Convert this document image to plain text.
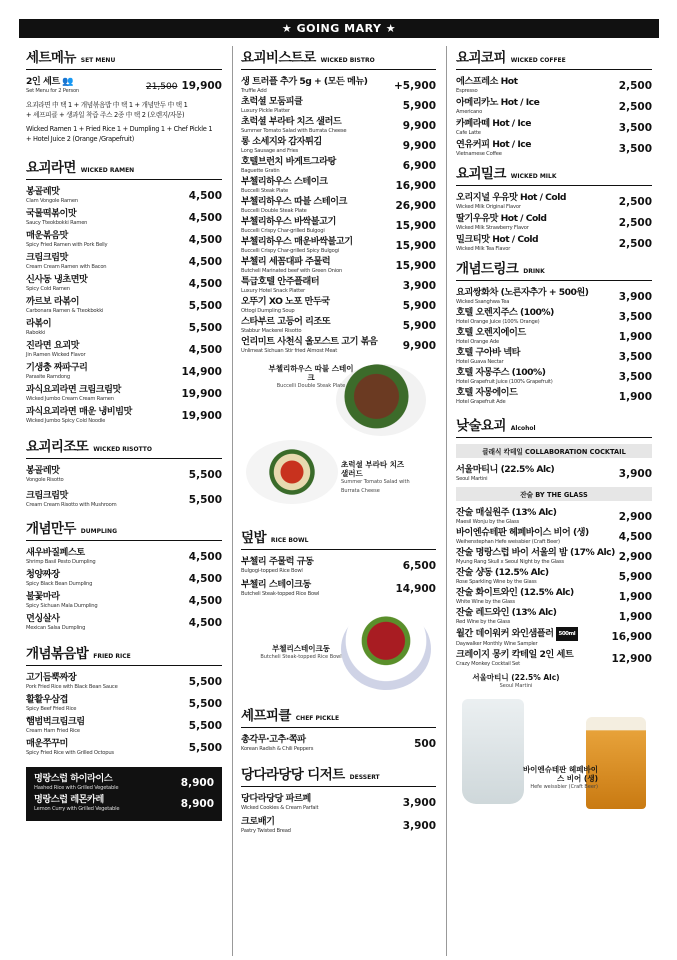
★ GOING MARY ★
세트메뉴 SET MENU
2인 세트 👥
Set Menu for 2 Person	21,500 19,900
요괴라면 中 택 1 + 개념볶음밥 中 택 1 + 개념만두 中 택 1
+ 셰프피클 + 생과일 착즙 주스 2종 中 택 2 (오렌지/자몽)
Wicked Ramen 1 + Fried Rice 1 + Dumpling 1 + Chef Pickle 1
+ Hotel Juice 2 (Orange /Grapefruit)
요괴라면 WICKED RAMEN
봉골레맛
Clam Vongole Ramen	4,500
국물떡볶이맛
Saucy Tteokbokki Ramen	4,500
매운볶음맛
Spicy Fried Ramen with Pork Belly	4,500
크림크림맛
Cream Cream Ramen with Bacon	4,500
신사동 냉초면맛
Spicy Cold Ramen	4,500
까르보 라볶이
Carbonara Ramen & Tteokbokki	5,500
라볶이
Rabokki	5,500
진라면 요괴맛
Jin Ramen Wicked Flavor	4,500
기생충 짜파구리
Parasite Ramdong	14,900
과식요괴라면 크림크림맛
Wicked Jumbo Cream Cream Ramen	19,900
과식요괴라면 매운 냉비빔맛
Wicked Jumbo Spicy Cold Noodle	19,900
요괴리조또 WICKED RISOTTO
봉골레맛
Vongole Risotto	5,500
크림크림맛
Cream Cream Risotto with Mushroom	5,500
개념만두 DUMPLING
새우바질페스토
Shrimp Basil Pesto Dumpling	4,500
청양짜장
Spicy Black Bean Dumpling	4,500
불꽃마라
Spicy Sichuan Mala Dumpling	4,500
뎐싱살사
Mexican Salsa Dumpling	4,500
개념볶음밥 FRIED RICE
고기듬뿍짜장
Pork Fried Rice with Black Bean Sauce	5,500
활활우삼겹
Spicy Beef Fried Rice	5,500
햄범벅크림크림
Cream Ham Fried Rice	5,500
매운쭈꾸미
Spicy Fried Rice with Grilled Octopus	5,500
명랑스럽 하이라이스
Hashed Rice with Grilled Vegetable	8,900
명랑스럽 레몬카레
Lemon Curry with Grilled Vegetable	8,900
요괴비스트로 WICKED BISTRO
생 트러플 추가 5g + (모든 메뉴)
Truffle Add	+5,900
초럭셜 모둠피클
Luxury Pickle Platter	5,900
초럭셜 부라타 치즈 샐러드
Summer Tomato Salad with Burrata Cheese	9,900
롱 소세지와 감자튀김
Long Sausage and Fries	9,900
호텔브런치 바게트그라탕
Baguette Gratin	6,900
부첼리하우스 스테이크
Buccelli Steak Plate	16,900
부첼리하우스 따블 스테이크
Buccelli Double Steak Plate	26,900
부첼리하우스 바싹불고기
Buccelli Crispy Char-grilled Bulgogi	15,900
부첼리하우스 매운바싹불고기
Buccelli Crispy Char-grilled Spicy Bulgogi	15,900
부첼리 세꼼대파 주물럭
Butcheli Marinated beef with Green Onion	15,900
특급호텔 안주플래터
Luxury Hotel Snack Platter	3,900
오뚜기 XO 노포 만두국
Ottogi Dumpling Soup	5,900
스타부르 고등어 리조또
Stabbur Mackerel Risotto	5,900
언리미트 사천식 올모스트 고기 볶음
Unlimeat Sichuan Stir fried Almost Meat	9,900
부첼리하우스 따블 스테이크
Buccelli Double Steak Plate
초럭셜 부라타 치즈 샐러드
Summer Tomato Salad with Burrata Cheese
덮밥 RICE BOWL
부첼리 주물럭 규동
Bulgogi-topped Rice Bowl	6,500
부첼리 스테이크동
Butcheli Steak-topped Rice Bowl	14,900
부첼리스테이크동
Butcheli Steak-topped Rice Bowl
셰프피클 CHEF PICKLE
총각무·고추·쪽파
Korean Radish & Chili Peppers	500
당다라당당 디저트 DESSERT
당다라당당 파르페
Wicked Cookies & Cream Parfait	3,900
크로배기
Pastry Twisted Bread	3,900
요괴코피 WICKED COFFEE
에스프레소 Hot
Espresso	2,500
아메리카노 Hot / Ice
Americano	2,500
카페라떼 Hot / Ice
Cafe Latte	3,500
연유커피 Hot / Ice
Vietnamese Coffee	3,500
요괴밀크 WICKED MILK
오리지널 우유맛 Hot / Cold
Wicked Milk Original Flavor	2,500
딸기우유맛 Hot / Cold
Wicked Milk Strawberry Flavor	2,500
밀크티맛 Hot / Cold
Wicked Milk Tea Flavor	2,500
개념드링크 DRINK
요괴쌍화차 (노른자추가 + 500원)
Wicked Ssanghwa Tea	3,900
호텔 오렌지주스 (100%)
Hotel Orange Juice (100% Orange)	3,500
호텔 오렌지에이드
Hotel Orange Ade	1,900
호텔 구아바 넥타
Hotel Guava Nectar	3,500
호텔 자몽주스 (100%)
Hotel Grapefruit Juice (100% Grapefruit)	3,500
호텔 자몽에이드
Hotel Grapefruit Ade	1,900
낮술요괴 Alcohol
클래식 칵테일 COLLABORATION COCKTAIL
서울마티니 (22.5% Alc)
Seoul Martini	3,900
잔술 BY THE GLASS
잔술 매실원주 (13% Alc)
Maesil Wonju by the Glass	2,900
바이엔슈테판 헤페바이스 비어 (생)
Weihenstephan Hefe weissbier (Craft Beer)	4,500
잔술 명랑스럽 바이 서울의 밤 (17% Alc)
Myung Rang Skull x Seoul Night by the Glass	2,900
잔술 샹동 (12.5% Alc)
Rose Sparkling Wine by the Glass	5,900
잔술 화이트와인 (12.5% Alc)
White Wine by the Glass	1,900
잔술 레드와인 (13% Alc)
Red Wine by the Glass	1,900
월간 데이워커 와인샘플러 500ml
Daywalker Monthly Wine Sampler
16,900
크레이지 몽키 칵테일 2인 세트
Crazy Monkey Cocktail Set	12,900
서울마티니 (22.5% Alc)
Seoul Martini
바이엔슈테판 헤페바이스 비어 (생)
Hefe weissbier (Craft Beer)
